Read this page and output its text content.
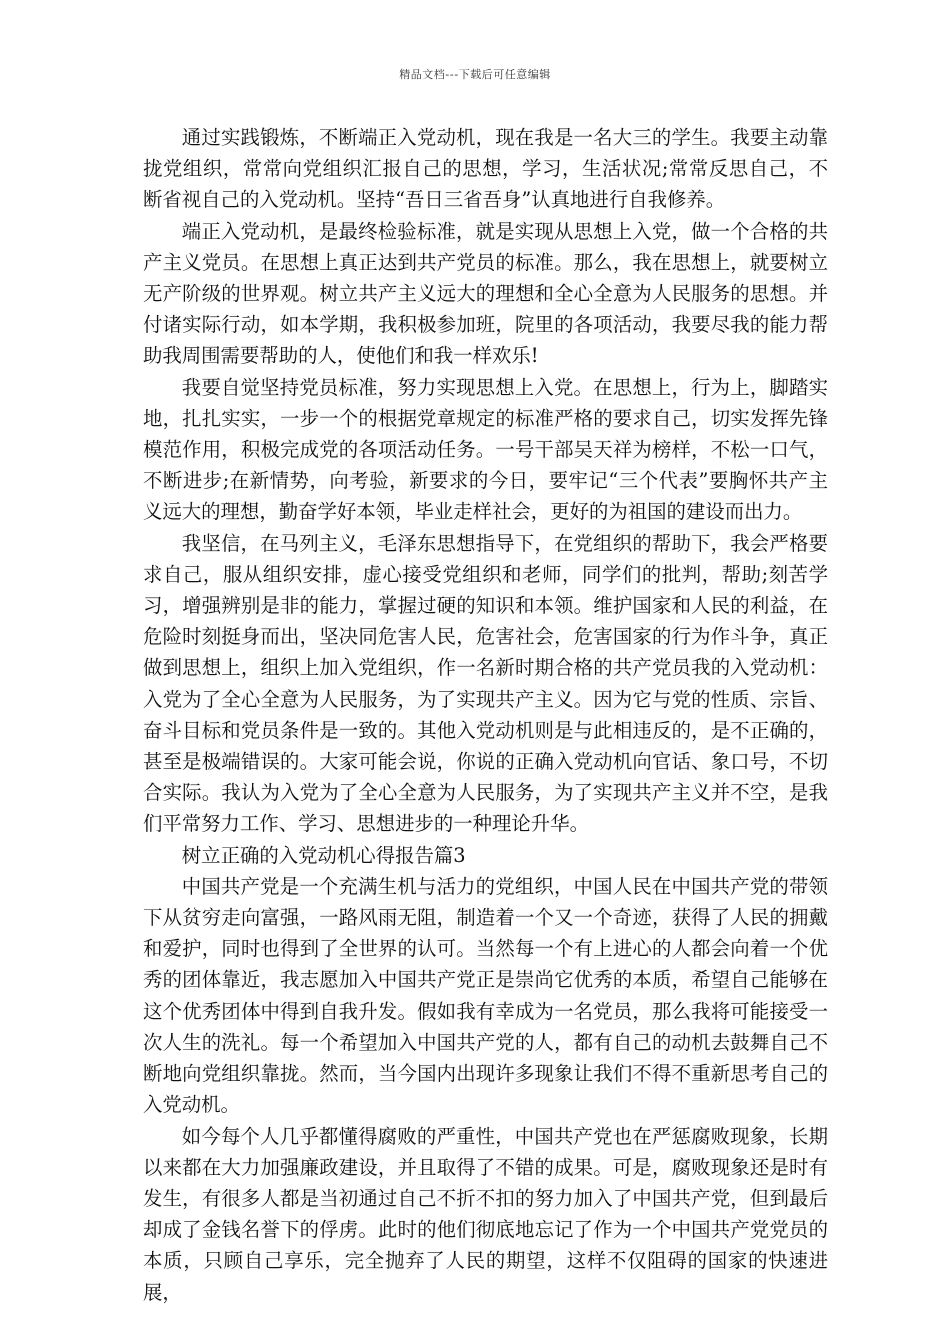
精品文档---下载后可任意编辑

通过实践锻炼，不断端正入党动机，现在我是一名大三的学生。我要主动靠拢党组织，常常向党组织汇报自己的思想，学习，生活状况;常常反思自己，不断省视自己的入党动机。坚持“吾日三省吾身”认真地进行自我修养。

端正入党动机，是最终检验标准，就是实现从思想上入党，做一个合格的共产主义党员。在思想上真正达到共产党员的标准。那么，我在思想上，就要树立无产阶级的世界观。树立共产主义远大的理想和全心全意为人民服务的思想。并付诸实际行动，如本学期，我积极参加班，院里的各项活动，我要尽我的能力帮助我周围需要帮助的人，使他们和我一样欢乐!

我要自觉坚持党员标准，努力实现思想上入党。在思想上，行为上，脚踏实地，扎扎实实，一步一个的根据党章规定的标准严格的要求自己，切实发挥先锋模范作用，积极完成党的各项活动任务。一号干部吴天祥为榜样，不松一口气，不断进步;在新情势，向考验，新要求的今日，要牢记“三个代表”要胸怀共产主义远大的理想，勤奋学好本领，毕业走样社会，更好的为祖国的建设而出力。

我坚信，在马列主义，毛泽东思想指导下，在党组织的帮助下，我会严格要求自己，服从组织安排，虚心接受党组织和老师，同学们的批判，帮助;刻苦学习，增强辨别是非的能力，掌握过硬的知识和本领。维护国家和人民的利益，在危险时刻挺身而出，坚决同危害人民，危害社会，危害国家的行为作斗争，真正做到思想上，组织上加入党组织，作一名新时期合格的共产党员我的入党动机：入党为了全心全意为人民服务，为了实现共产主义。因为它与党的性质、宗旨、奋斗目标和党员条件是一致的。其他入党动机则是与此相违反的，是不正确的，甚至是极端错误的。大家可能会说，你说的正确入党动机向官话、象口号，不切合实际。我认为入党为了全心全意为人民服务，为了实现共产主义并不空，是我们平常努力工作、学习、思想进步的一种理论升华。

树立正确的入党动机心得报告篇3

中国共产党是一个充满生机与活力的党组织，中国人民在中国共产党的带领下从贫穷走向富强，一路风雨无阻，制造着一个又一个奇迹，获得了人民的拥戴和爱护，同时也得到了全世界的认可。当然每一个有上进心的人都会向着一个优秀的团体靠近，我志愿加入中国共产党正是崇尚它优秀的本质，希望自己能够在这个优秀团体中得到自我升发。假如我有幸成为一名党员，那么我将可能接受一次人生的洗礼。每一个希望加入中国共产党的人，都有自己的动机去鼓舞自己不断地向党组织靠拢。然而，当今国内出现许多现象让我们不得不重新思考自己的入党动机。

如今每个人几乎都懂得腐败的严重性，中国共产党也在严惩腐败现象，长期以来都在大力加强廉政建设，并且取得了不错的成果。可是，腐败现象还是时有发生，有很多人都是当初通过自己不折不扣的努力加入了中国共产党，但到最后却成了金钱名誉下的俘虏。此时的他们彻底地忘记了作为一个中国共产党党员的本质，只顾自己享乐，完全抛弃了人民的期望，这样不仅阻碍的国家的快速进展，
